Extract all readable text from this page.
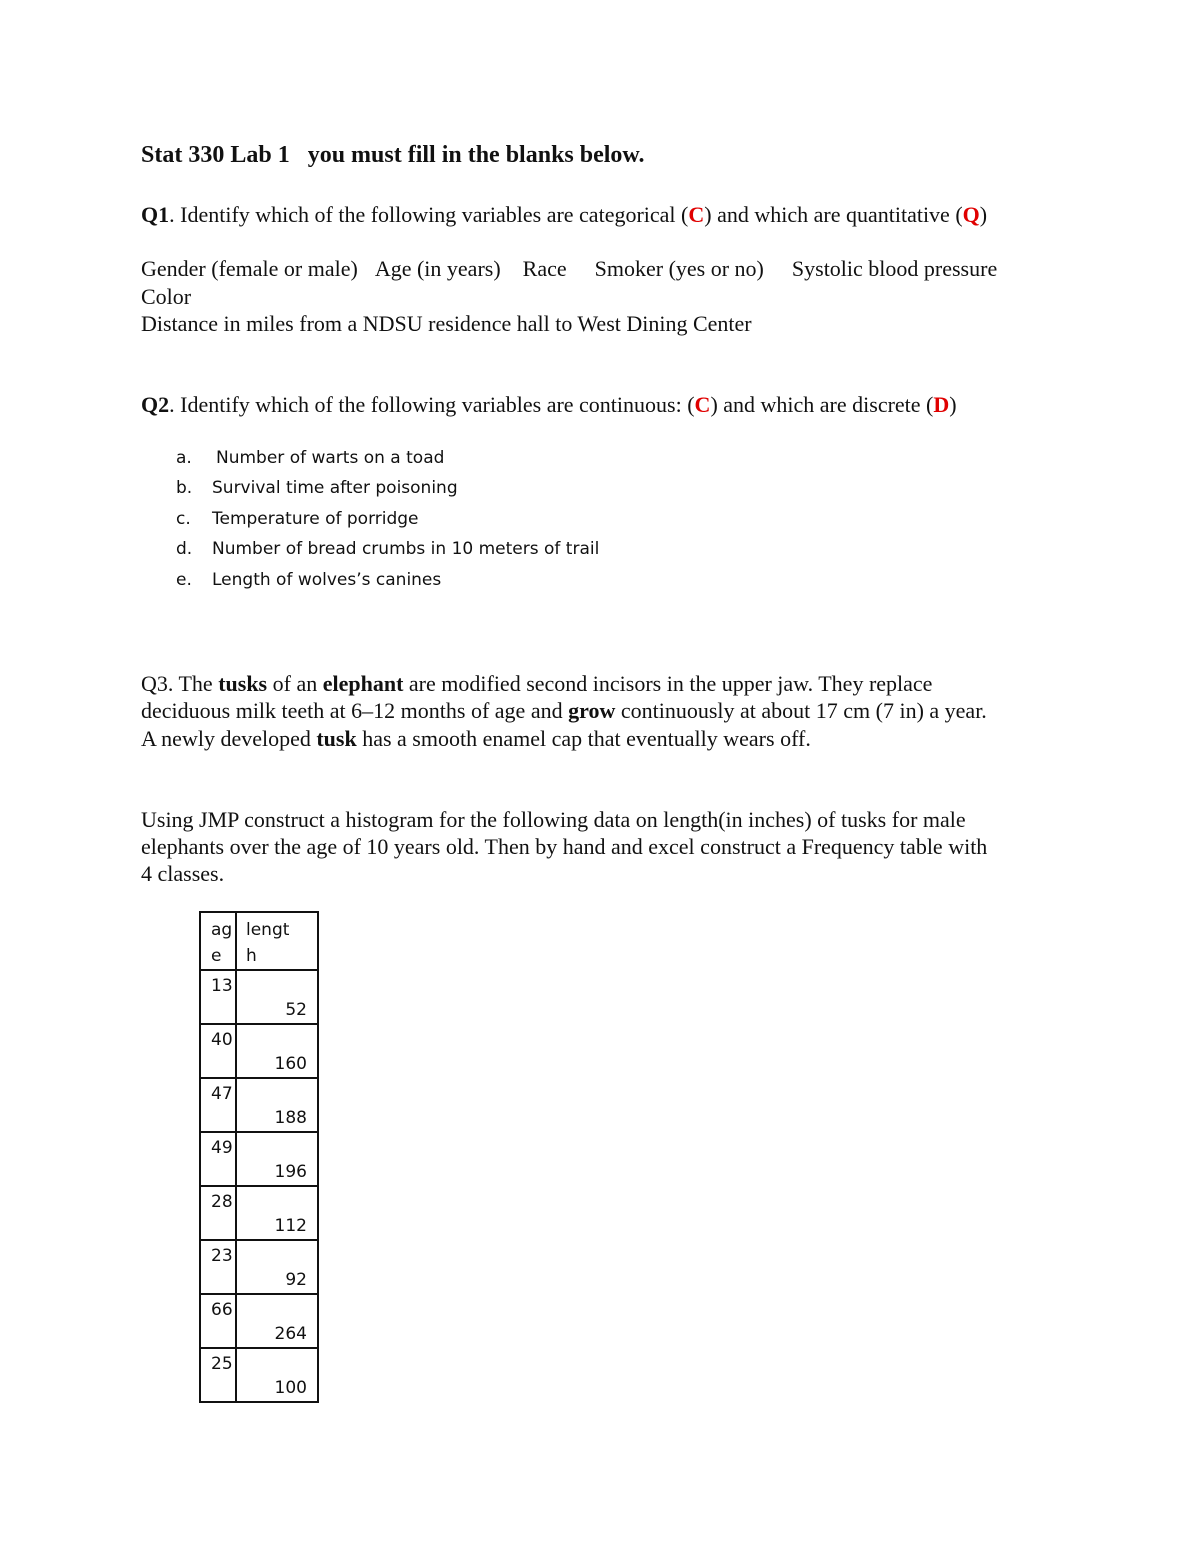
Stat 330 Lab 1 you must fill in the blanks below.
Q1. Identify which of the following variables are categorical (C) and which are quantitative (Q)
Gender (female or male) Age (in years) Race Smoker (yes or no) Systolic blood pressure
Color
Distance in miles from a NDSU residence hall to West Dining Center
Q2. Identify which of the following variables are continuous: (C) and which are discrete (D)
a. Number of warts on a toad
b. Survival time after poisoning
c. Temperature of porridge
d. Number of bread crumbs in 10 meters of trail
e. Length of wolves’s canines
Q3. The tusks of an elephant are modified second incisors in the upper jaw. They replace
deciduous milk teeth at 6–12 months of age and grow continuously at about 17 cm (7 in) a year.
A newly developed tusk has a smooth enamel cap that eventually wears off.
Using JMP construct a histogram for the following data on length(in inches) of tusks for male
elephants over the age of 10 years old. Then by hand and excel construct a Frequency table with
4 classes.
age	length

13	52

40	160

47	188

49	196

28	112

23	92

66	264

25	100
